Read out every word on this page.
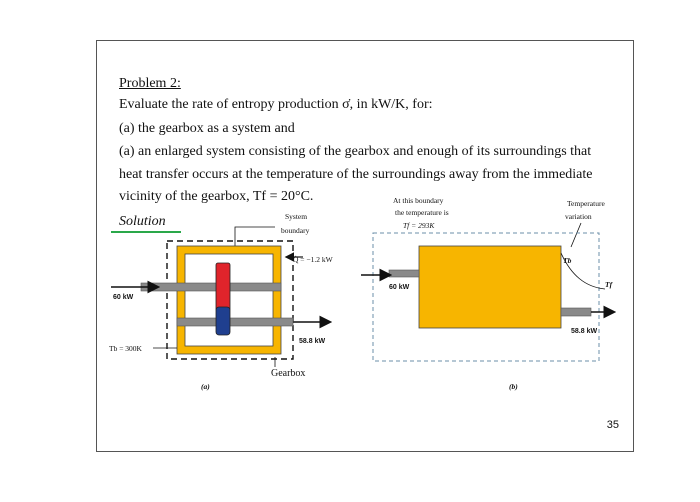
Problem 2:
Evaluate the rate of entropy production σ̇, in kW/K, for:
(a) the gearbox as a system and
(a) an enlarged system consisting of the gearbox and enough of its surroundings that
heat transfer occurs at the temperature of the surroundings away from the immediate
vicinity of the gearbox, Tf = 20°C.
Solution	System
boundary
60 kW
58.8 kW
Q̇ = −1.2 kW
Tb = 300K
Gearbox
(a)
At this boundary
the temperature is
Tf = 293K
Temperature
variation
60 kW
58.8 kW
Tb
Tf
(b)
35
